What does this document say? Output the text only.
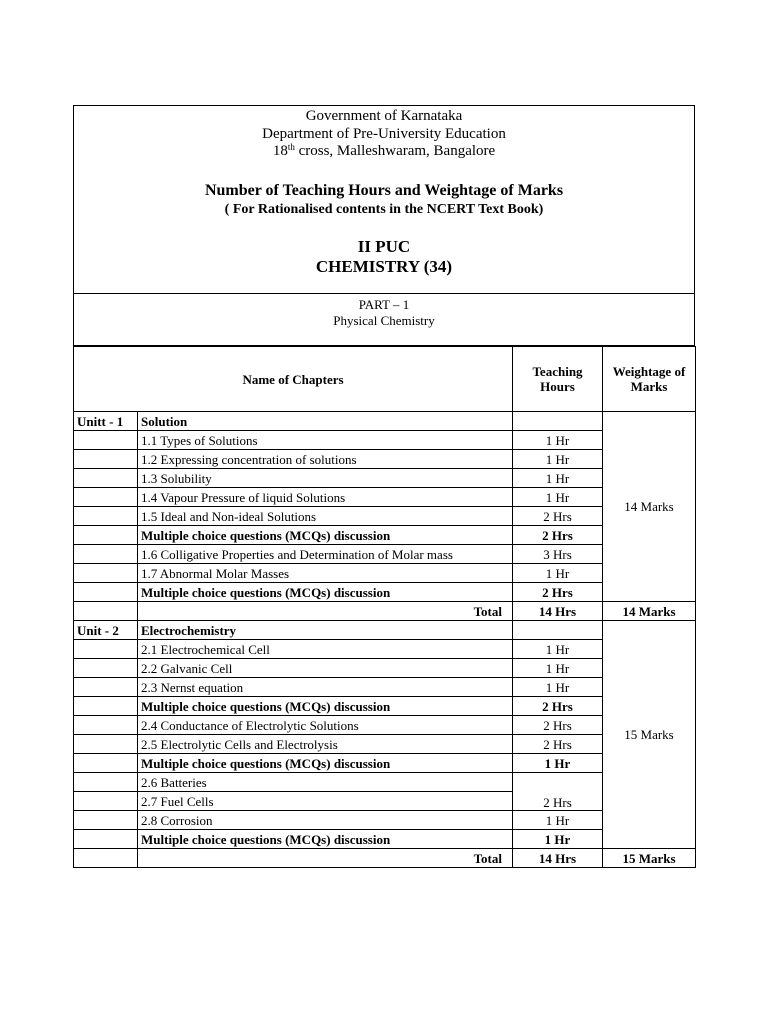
Government of Karnataka
Department of Pre-University Education
18th cross, Malleshwaram, Bangalore
Number of Teaching Hours and Weightage of Marks
( For Rationalised contents in the NCERT Text Book)
II PUC
CHEMISTRY (34)
PART – 1
Physical Chemistry
Name of Chapters		Teaching Hours	Weightage of Marks
Unitt - 1	Solution		14 Marks
	1.1 Types of Solutions	1 Hr	
	1.2 Expressing concentration of solutions	1 Hr	
	1.3 Solubility	1 Hr	
	1.4 Vapour Pressure of liquid Solutions	1 Hr	
	1.5 Ideal and Non-ideal Solutions	2 Hrs	
	Multiple choice questions (MCQs) discussion	2 Hrs	
	1.6 Colligative Properties and Determination of Molar mass	3 Hrs	
	1.7 Abnormal Molar Masses	1 Hr	
	Multiple choice questions (MCQs) discussion	2 Hrs	
	Total	14 Hrs	14 Marks
Unit - 2	Electrochemistry		15 Marks
	2.1 Electrochemical Cell	1 Hr	
	2.2 Galvanic Cell	1 Hr	
	2.3 Nernst equation	1 Hr	
	Multiple choice questions (MCQs) discussion	2 Hrs	
	2.4 Conductance of Electrolytic Solutions	2 Hrs	
	2.5 Electrolytic Cells and Electrolysis	2 Hrs	
	Multiple choice questions (MCQs) discussion	1 Hr	
	2.6 Batteries	2 Hrs	
	2.7 Fuel Cells		
	2.8 Corrosion	1 Hr	
	Multiple choice questions (MCQs) discussion	1 Hr	
	Total	14 Hrs	15 Marks
